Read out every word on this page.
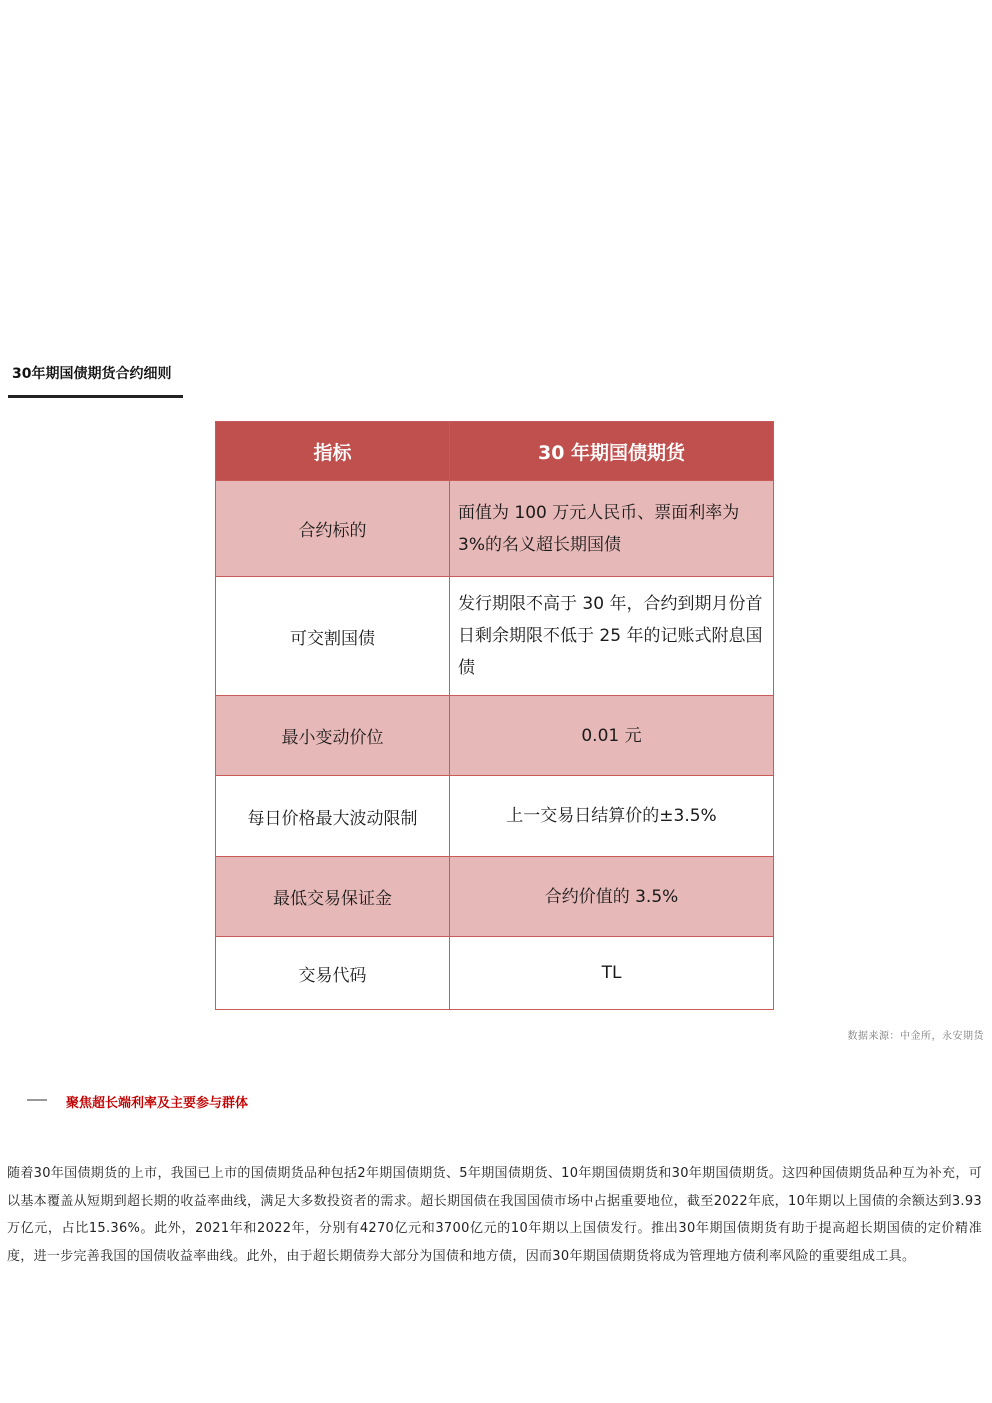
30年期国债期货合约细则
指标	30 年期国债期货
合约标的	面值为 100 万元人民币、票面利率为 3%的名义超长期国债
可交割国债	发行期限不高于 30 年，合约到期月份首日剩余期限不低于 25 年的记账式附息国债
最小变动价位	0.01 元
每日价格最大波动限制	上一交易日结算价的±3.5%
最低交易保证金	合约价值的 3.5%
交易代码	TL
数据来源：中金所，永安期货
聚焦超长端利率及主要参与群体
随着30年国债期货的上市，我国已上市的国债期货品种包括2年期国债期货、5年期国债期货、10年期国债期货和30年期国债期货。这四种国债期货品种互为补充，可以基本覆盖从短期到超长期的收益率曲线，满足大多数投资者的需求。超长期国债在我国国债市场中占据重要地位，截至2022年底，10年期以上国债的余额达到3.93万亿元，占比15.36%。此外，2021年和2022年，分别有4270亿元和3700亿元的10年期以上国债发行。推出30年期国债期货有助于提高超长期国债的定价精准度，进一步完善我国的国债收益率曲线。此外，由于超长期债券大部分为国债和地方债，因而30年期国债期货将成为管理地方债利率风险的重要组成工具。
